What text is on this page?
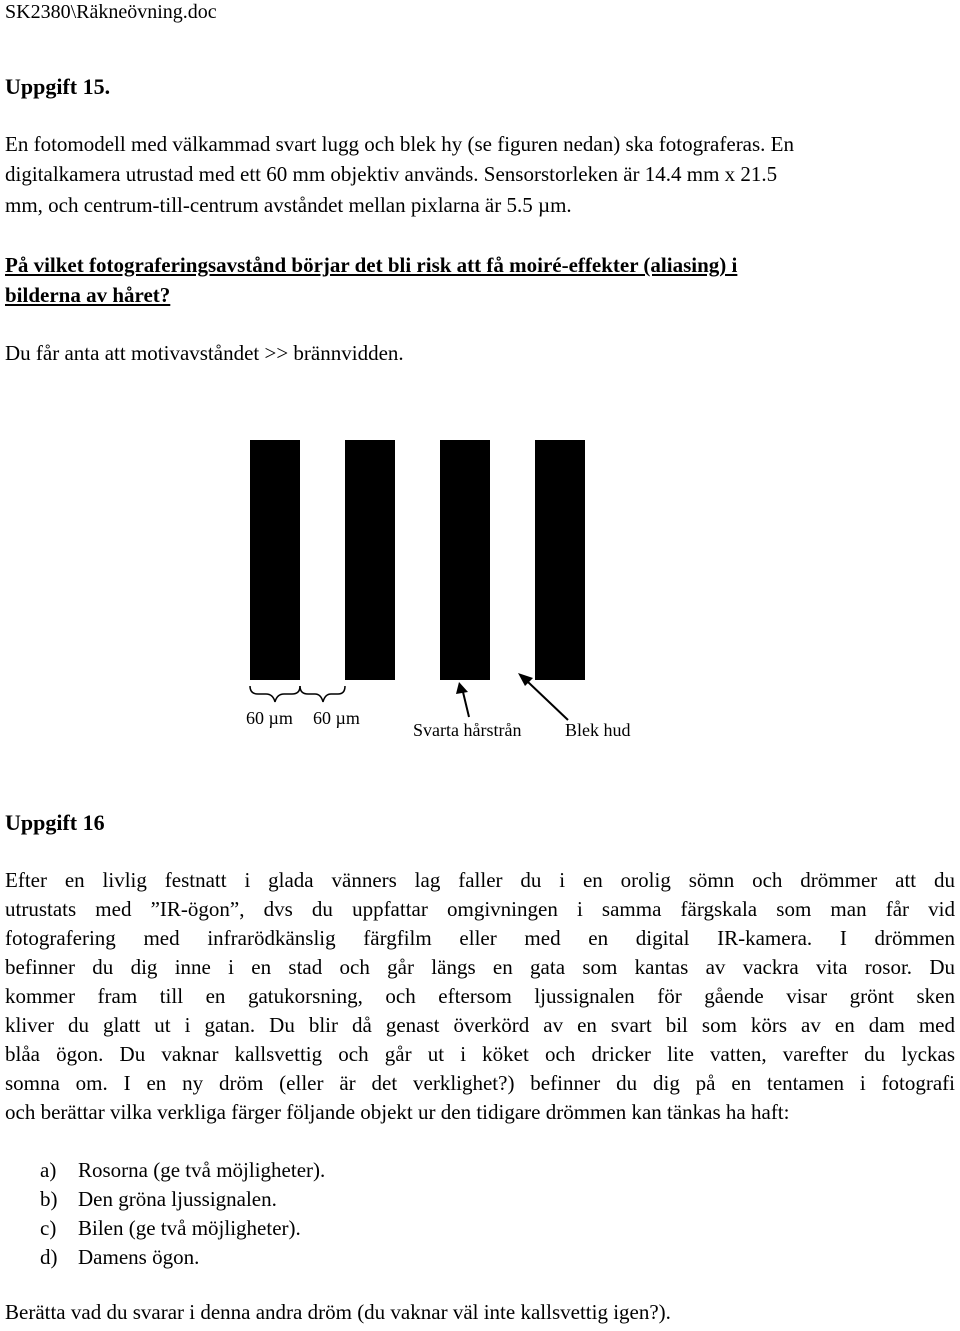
SK2380\Räkneövning.doc
Uppgift 15.
En fotomodell med välkammad svart lugg och blek hy (se figuren nedan) ska fotograferas. En
digitalkamera utrustad med ett 60 mm objektiv används. Sensorstorleken är 14.4 mm x 21.5
mm, och centrum-till-centrum avståndet mellan pixlarna är 5.5 µm.
På vilket fotograferingsavstånd börjar det bli risk att få moiré-effekter (aliasing) i
bilderna av håret?
Du får anta att motivavståndet >> brännvidden.
60 µm 60 µm
Svarta hårstrån Blek hud
Uppgift 16
Efter en livlig festnatt i glada vänners lag faller du i en orolig sömn och drömmer att du
utrustats med ”IR-ögon”, dvs du uppfattar omgivningen i samma färgskala som man får vid
fotografering med infrarödkänslig färgfilm eller med en digital IR-kamera. I drömmen
befinner du dig inne i en stad och går längs en gata som kantas av vackra vita rosor. Du
kommer fram till en gatukorsning, och eftersom ljussignalen för gående visar grönt sken
kliver du glatt ut i gatan. Du blir då genast överkörd av en svart bil som körs av en dam med
blåa ögon. Du vaknar kallsvettig och går ut i köket och dricker lite vatten, varefter du lyckas
somna om. I en ny dröm (eller är det verklighet?) befinner du dig på en tentamen i fotografi
och berättar vilka verkliga färger följande objekt ur den tidigare drömmen kan tänkas ha haft:
a) Rosorna (ge två möjligheter).
b) Den gröna ljussignalen.
c) Bilen (ge två möjligheter).
d) Damens ögon.
Berätta vad du svarar i denna andra dröm (du vaknar väl inte kallsvettig igen?).
